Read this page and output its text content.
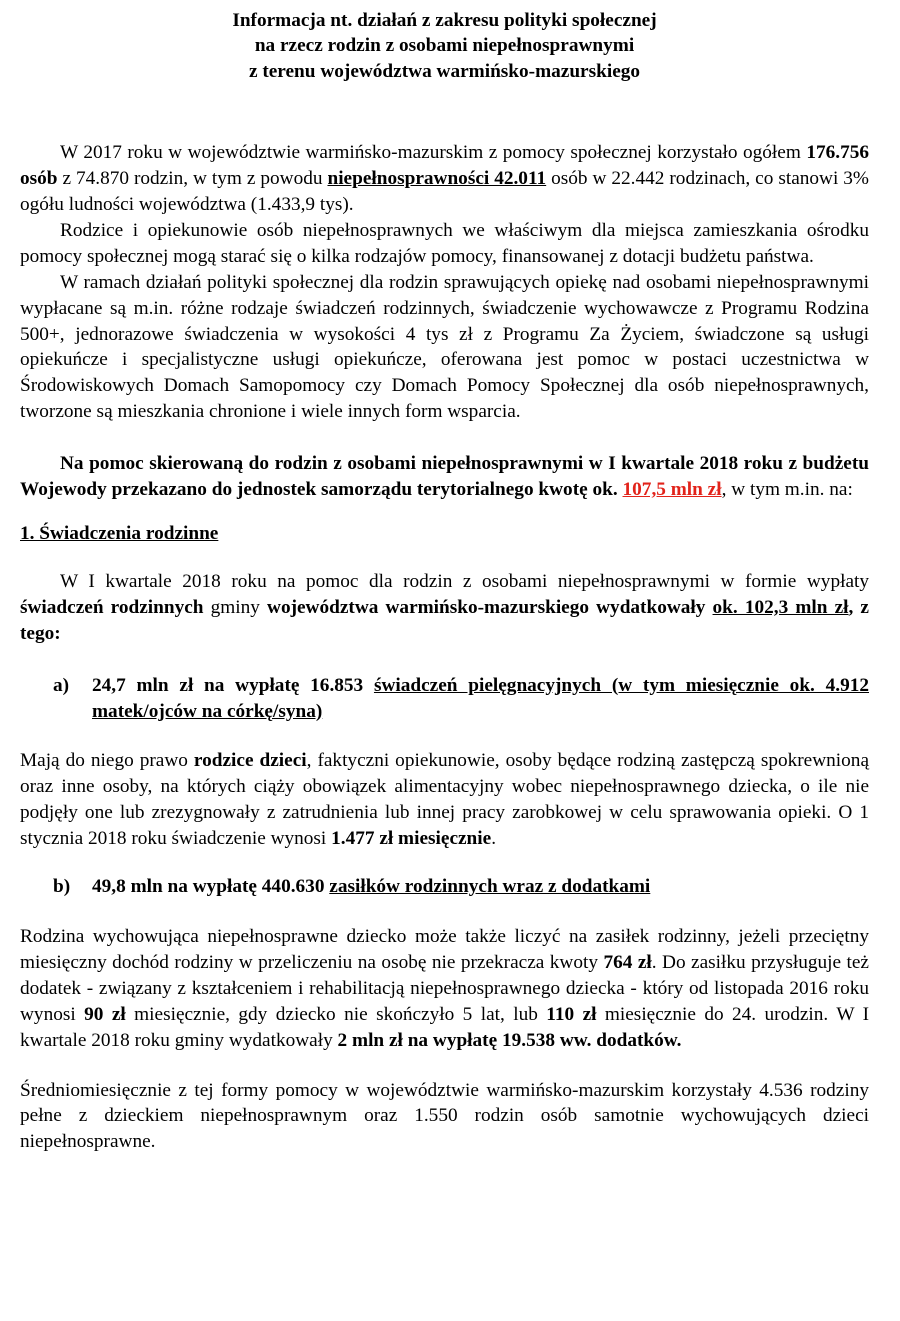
Informacja nt. działań z zakresu polityki społecznej
na rzecz rodzin z osobami niepełnosprawnymi
z terenu województwa warmińsko-mazurskiego

W 2017 roku w województwie warmińsko-mazurskim z pomocy społecznej korzystało ogółem 176.756 osób z 74.870 rodzin, w tym z powodu niepełnosprawności 42.011 osób w 22.442 rodzinach, co stanowi 3% ogółu ludności województwa (1.433,9 tys).

Rodzice i opiekunowie osób niepełnosprawnych we właściwym dla miejsca zamieszkania ośrodku pomocy społecznej mogą starać się o kilka rodzajów pomocy, finansowanej z dotacji budżetu państwa.

W ramach działań polityki społecznej dla rodzin sprawujących opiekę nad osobami niepełnosprawnymi wypłacane są m.in. różne rodzaje świadczeń rodzinnych, świadczenie wychowawcze z Programu Rodzina 500+, jednorazowe świadczenia w wysokości 4 tys zł z Programu Za Życiem, świadczone są usługi opiekuńcze i specjalistyczne usługi opiekuńcze, oferowana jest pomoc w postaci uczestnictwa w Środowiskowych Domach Samopomocy czy Domach Pomocy Społecznej dla osób niepełnosprawnych, tworzone są mieszkania chronione i wiele innych form wsparcia.

Na pomoc skierowaną do rodzin z osobami niepełnosprawnymi w I kwartale 2018 roku z budżetu Wojewody przekazano do jednostek samorządu terytorialnego kwotę ok. 107,5 mln zł, w tym m.in. na:

1. Świadczenia rodzinne

W I kwartale 2018 roku na pomoc dla rodzin z osobami niepełnosprawnymi w formie wypłaty świadczeń rodzinnych gminy województwa warmińsko-mazurskiego wydatkowały ok. 102,3 mln zł, z tego:

a)	24,7 mln zł na wypłatę 16.853 świadczeń pielęgnacyjnych (w tym miesięcznie ok. 4.912 matek/ojców na córkę/syna)

Mają do niego prawo rodzice dzieci, faktyczni opiekunowie, osoby będące rodziną zastępczą spokrewnioną oraz inne osoby, na których ciąży obowiązek alimentacyjny wobec niepełnosprawnego dziecka, o ile nie podjęły one lub zrezygnowały z zatrudnienia lub innej pracy zarobkowej w celu sprawowania opieki. O 1 stycznia 2018 roku świadczenie wynosi 1.477 zł miesięcznie.

b)	49,8 mln na wypłatę 440.630 zasiłków rodzinnych wraz z dodatkami

Rodzina wychowująca niepełnosprawne dziecko może także liczyć na zasiłek rodzinny, jeżeli przeciętny miesięczny dochód rodziny w przeliczeniu na osobę nie przekracza kwoty 764 zł. Do zasiłku przysługuje też dodatek - związany z kształceniem i rehabilitacją niepełnosprawnego dziecka - który od listopada 2016 roku wynosi 90 zł miesięcznie, gdy dziecko nie skończyło 5 lat, lub 110 zł miesięcznie do 24. urodzin. W I kwartale 2018 roku gminy wydatkowały 2 mln zł na wypłatę 19.538 ww. dodatków.

Średniomiesięcznie z tej formy pomocy w województwie warmińsko-mazurskim korzystały 4.536 rodziny pełne z dzieckiem niepełnosprawnym oraz 1.550 rodzin osób samotnie wychowujących dzieci niepełnosprawne.
